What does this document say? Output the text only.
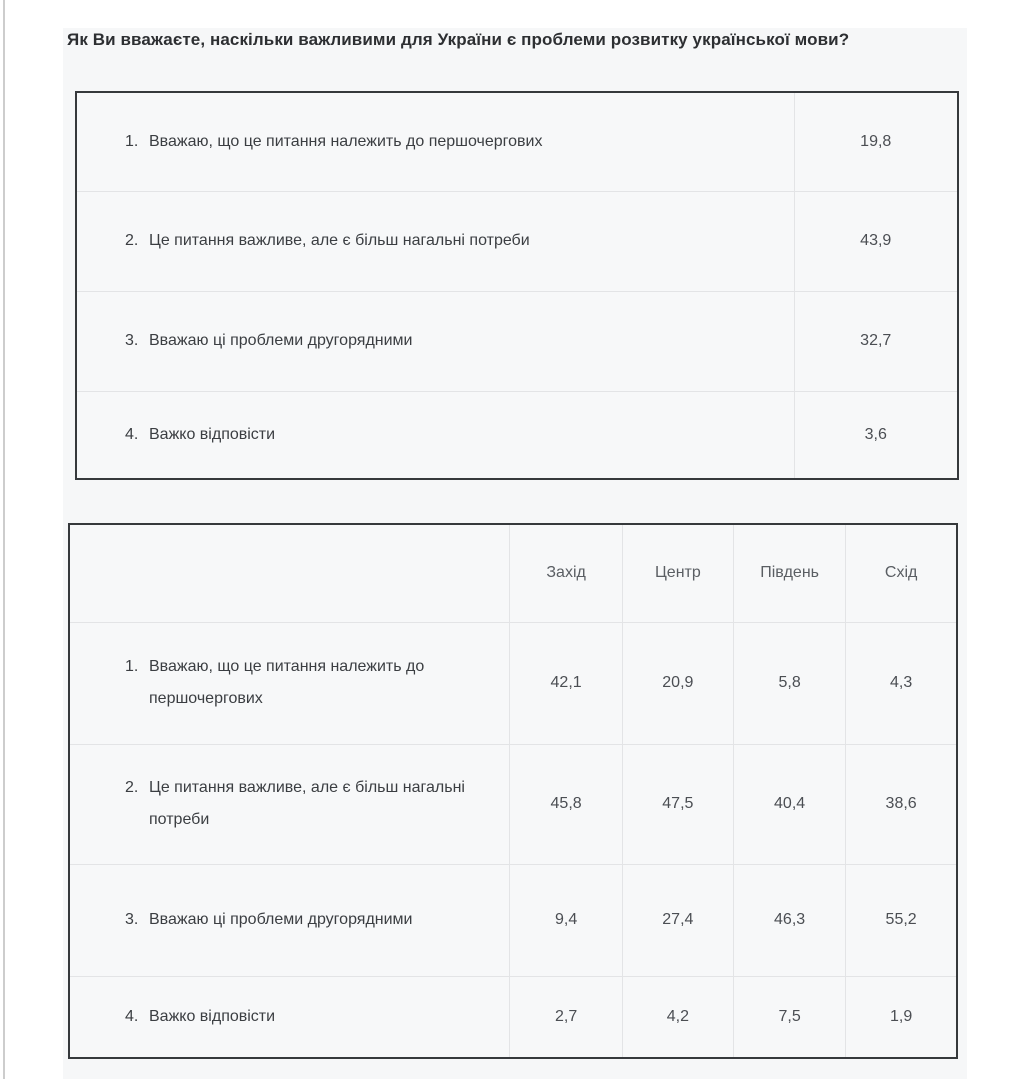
Як Ви вважаєте, наскільки важливими для України є проблеми розвитку української мови?
1. Вважаю, що це питання належить до першочергових	19,8

2. Це питання важливе, але є більш нагальні потреби	43,9

3. Вважаю ці проблеми другорядними	32,7

4. Важко відповісти	3,6
	Захід	Центр	Південь	Схід

1. Вважаю, що це питання належить до першочергових	42,1	20,9	5,8	4,3

2. Це питання важливе, але є більш нагальні потреби	45,8	47,5	40,4	38,6

3. Вважаю ці проблеми другорядними	9,4	27,4	46,3	55,2

4. Важко відповісти	2,7	4,2	7,5	1,9
